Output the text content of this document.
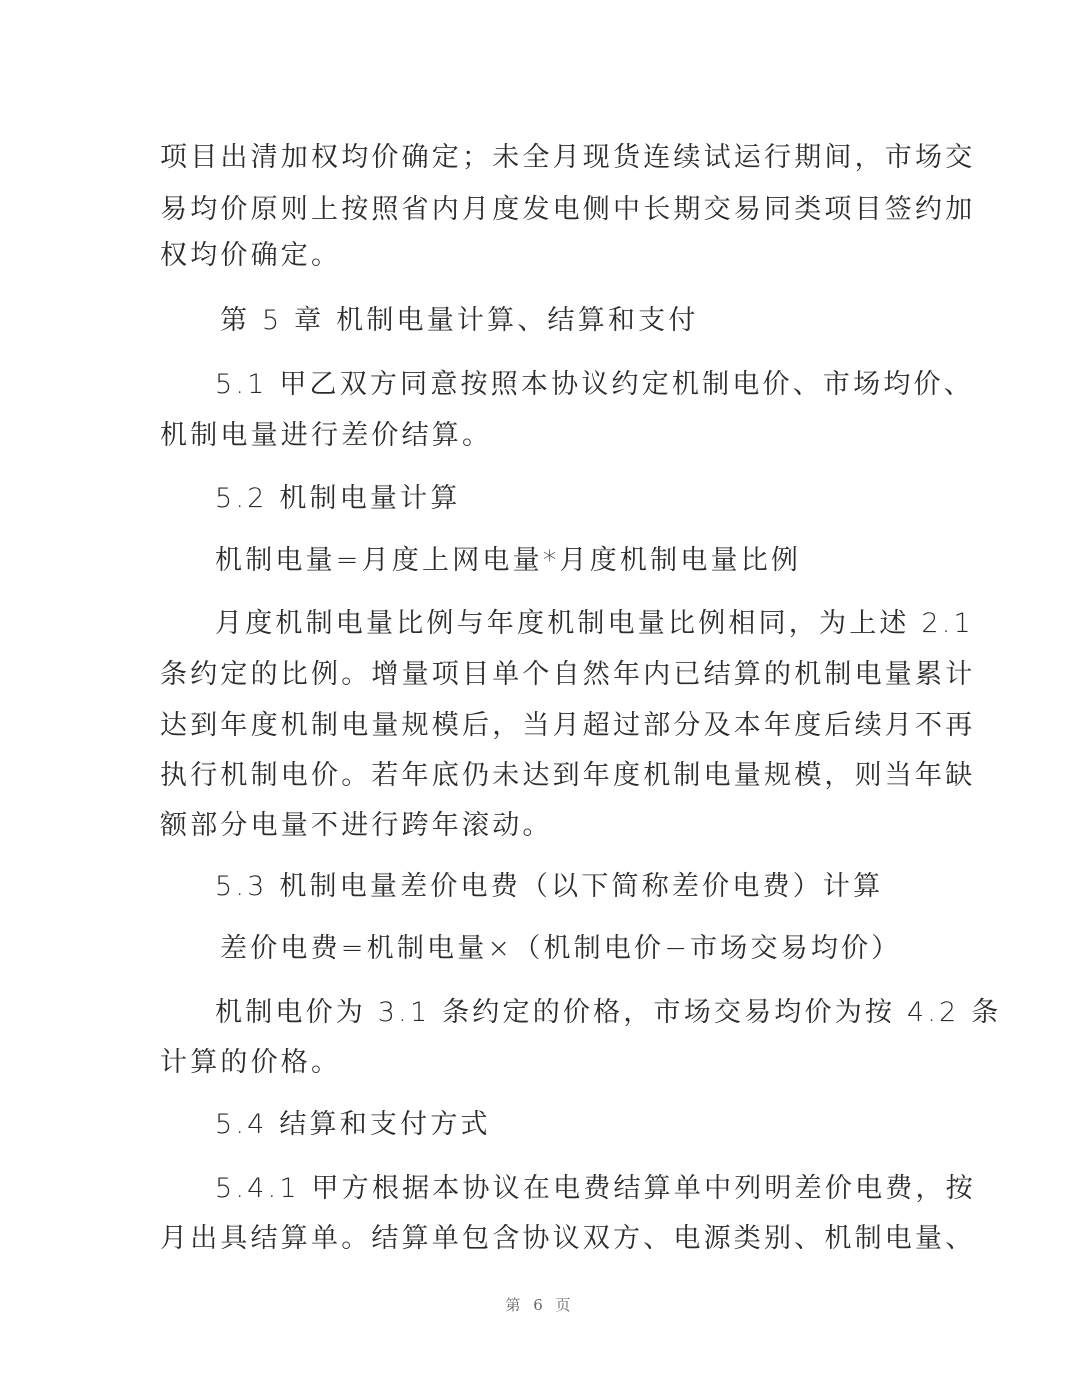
项目出清加权均价确定；未全月现货连续试运行期间，市场交
易均价原则上按照省内月度发电侧中长期交易同类项目签约加
权均价确定。
第 5 章 机制电量计算、结算和支付
5.1 甲乙双方同意按照本协议约定机制电价、市场均价、
机制电量进行差价结算。
5.2 机制电量计算
机制电量=月度上网电量*月度机制电量比例
月度机制电量比例与年度机制电量比例相同，为上述 2.1
条约定的比例。增量项目单个自然年内已结算的机制电量累计
达到年度机制电量规模后，当月超过部分及本年度后续月不再
执行机制电价。若年底仍未达到年度机制电量规模，则当年缺
额部分电量不进行跨年滚动。
5.3 机制电量差价电费（以下简称差价电费）计算
差价电费=机制电量×（机制电价−市场交易均价）
机制电价为 3.1 条约定的价格，市场交易均价为按 4.2 条
计算的价格。
5.4 结算和支付方式
5.4.1 甲方根据本协议在电费结算单中列明差价电费，按
月出具结算单。结算单包含协议双方、电源类别、机制电量、
第 6 页
